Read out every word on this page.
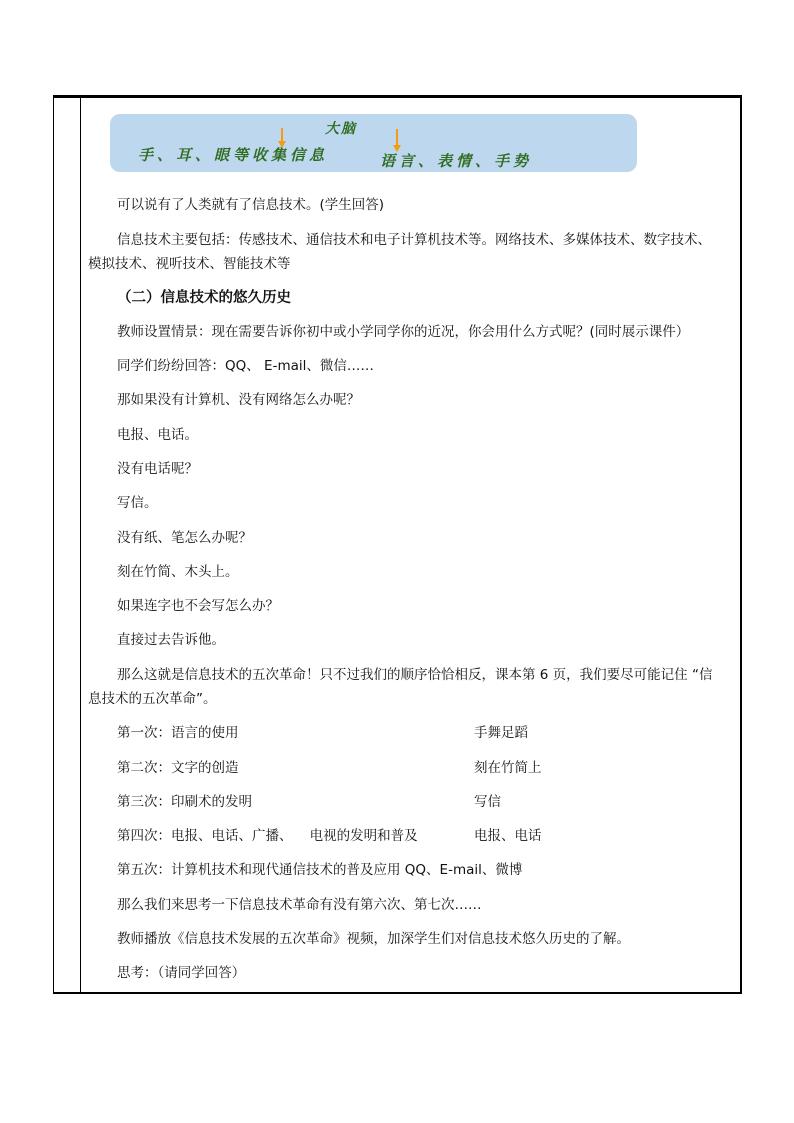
大脑
手、耳、眼等收集信息	语言、表情、手势
可以说有了人类就有了信息技术。(学生回答)
信息技术主要包括：传感技术、通信技术和电子计算机技术等。网络技术、多媒体技术、数字技术、
模拟技术、视听技术、智能技术等
（二）信息技术的悠久历史
教师设置情景：现在需要告诉你初中或小学同学你的近况，你会用什么方式呢？(同时展示课件）
同学们纷纷回答：QQ、 E-mail、微信……
那如果没有计算机、没有网络怎么办呢？
电报、电话。
没有电话呢？
写信。
没有纸、笔怎么办呢？
刻在竹简、木头上。
如果连字也不会写怎么办？
直接过去告诉他。
那么这就是信息技术的五次革命！只不过我们的顺序恰恰相反，课本第 6 页，我们要尽可能记住 “信
息技术的五次革命”。
第一次：语言的使用	手舞足蹈
第二次：文字的创造	刻在竹简上
第三次：印刷术的发明	写信
第四次：电报、电话、广播、    电视的发明和普及	电报、电话
第五次：计算机技术和现代通信技术的普及应用 QQ、E-mail、微博
那么我们来思考一下信息技术革命有没有第六次、第七次……
教师播放《信息技术发展的五次革命》视频，加深学生们对信息技术悠久历史的了解。
思考：（请同学回答）
